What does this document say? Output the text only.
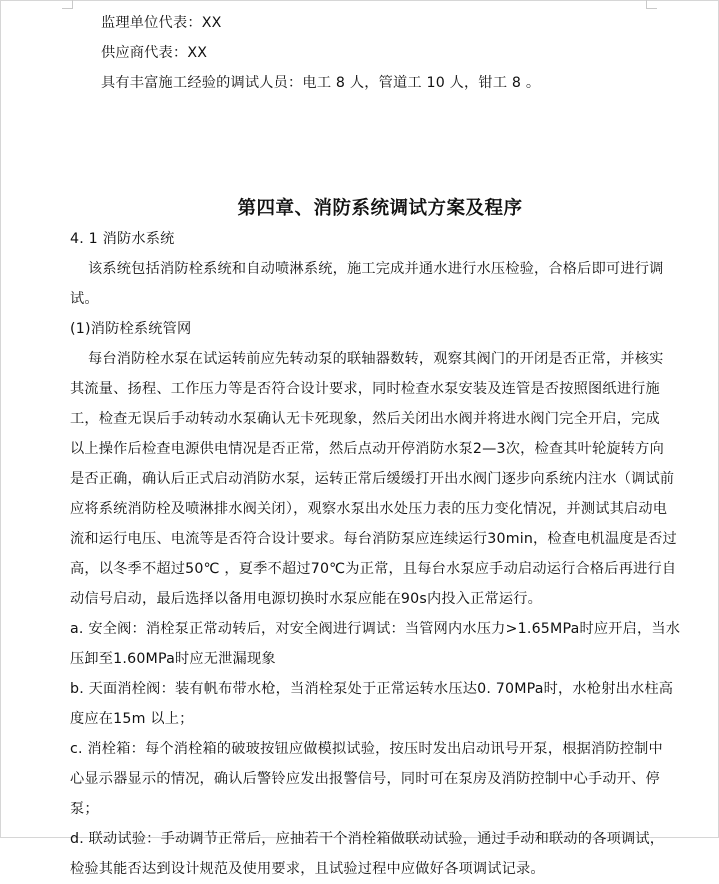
监理单位代表：XX
供应商代表：XX
具有丰富施工经验的调试人员：电工 8 人，管道工 10 人，钳工 8 。
第四章、消防系统调试方案及程序
4. 1 消防水系统
该系统包括消防栓系统和自动喷淋系统，施工完成并通水进行水压检验，合格后即可进行调
试。
(1)消防栓系统管网
每台消防栓水泵在试运转前应先转动泵的联轴器数转，观察其阀门的开闭是否正常，并核实
其流量、扬程、工作压力等是否符合设计要求，同时检查水泵安装及连管是否按照图纸进行施
工，检查无误后手动转动水泵确认无卡死现象，然后关闭出水阀并将进水阀门完全开启，完成
以上操作后检查电源供电情况是否正常，然后点动开停消防水泵2—3次，检查其叶轮旋转方向
是否正确，确认后正式启动消防水泵，运转正常后缓缓打开出水阀门逐步向系统内注水（调试前
应将系统消防栓及喷淋排水阀关闭），观察水泵出水处压力表的压力变化情况，并测试其启动电
流和运行电压、电流等是否符合设计要求。每台消防泵应连续运行30min，检查电机温度是否过
高，以冬季不超过50℃ ，夏季不超过70℃为正常，且每台水泵应手动启动运行合格后再进行自
动信号启动，最后选择以备用电源切换时水泵应能在90s内投入正常运行。
a. 安全阀：消栓泵正常动转后，对安全阀进行调试：当管网内水压力>1.65MPa时应开启，当水
压卸至1.60MPa时应无泄漏现象
b. 天面消栓阀：装有帆布带水枪，当消栓泵处于正常运转水压达0. 70MPa时，水枪射出水柱高
度应在15m 以上；
c. 消栓箱：每个消栓箱的破玻按钮应做模拟试验，按压时发出启动讯号开泵，根据消防控制中
心显示器显示的情况，确认后警铃应发出报警信号，同时可在泵房及消防控制中心手动开、停
泵；
d. 联动试验：手动调节正常后，应抽若干个消栓箱做联动试验，通过手动和联动的各项调试，
检验其能否达到设计规范及使用要求，且试验过程中应做好各项调试记录。
